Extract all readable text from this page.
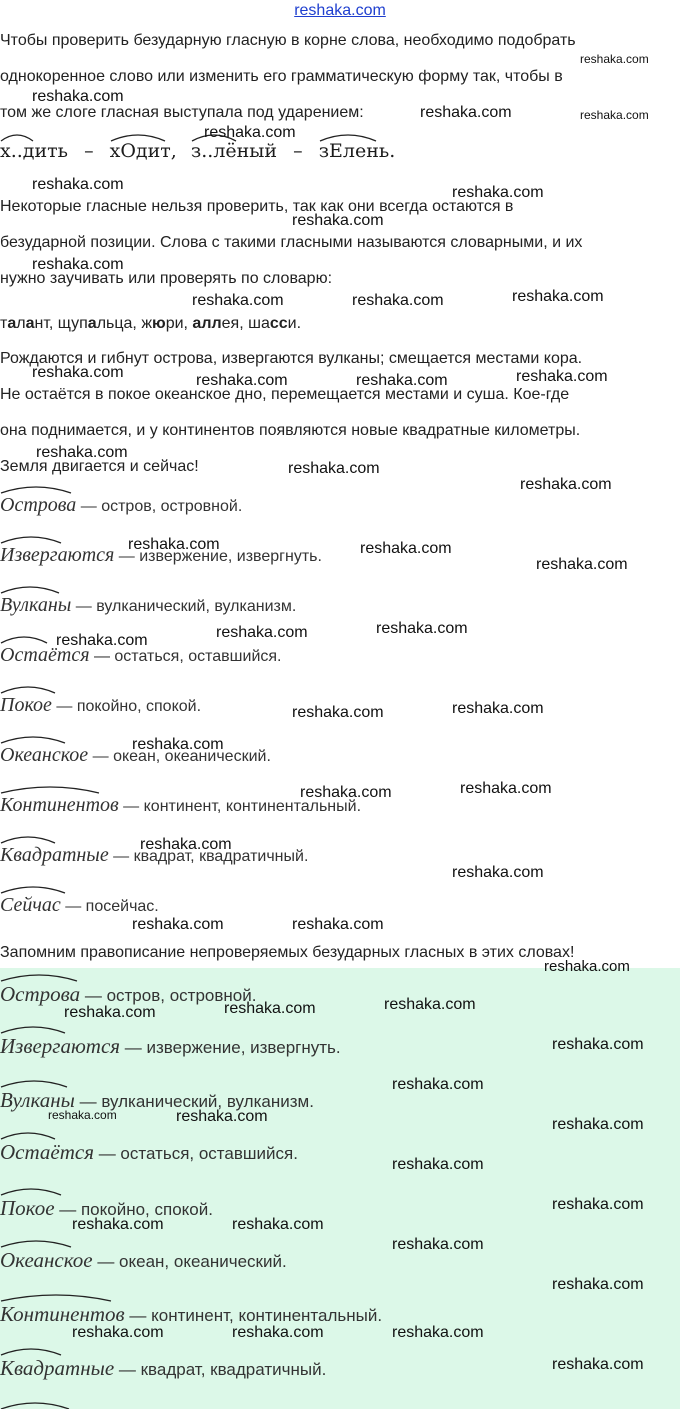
reshaka.com
Чтобы проверить безударную гласную в корне слова, необходимо подобрать
однокоренное слово или изменить его грамматическую форму так, чтобы в
том же слоге гласная выступала под ударением:
х..дить – хОдит, з..лёный – зЕлень.
Некоторые гласные нельзя проверить, так как они всегда остаются в
безударной позиции. Слова с такими гласными называются словарными, и их
нужно заучивать или проверять по словарю:
талант, щупальца, жюри, аллея, шасси.
Рождаются и гибнут острова, извергаются вулканы; смещается местами кора.
Не остаётся в покое океанское дно, перемещается местами и суша. Кое-где
она поднимается, и у континентов появляются новые квадратные километры.
Земля двигается и сейчас!
Острова — остров, островной.
Извергаются — извержение, извергнуть.
Вулканы — вулканический, вулканизм.
Остаётся — остаться, оставшийся.
Покое — покойно, спокой.
Океанское — океан, океанический.
Континентов — континент, континентальный.
Квадратные — квадрат, квадратичный.
Сейчас — посейчас.
Запомним правописание непроверяемых безударных гласных в этих словах!
Острова — остров, островной.
Извергаются — извержение, извергнуть.
Вулканы — вулканический, вулканизм.
Остаётся — остаться, оставшийся.
Покое — покойно, спокой.
Океанское — океан, океанический.
Континентов — континент, континентальный.
Квадратные — квадрат, квадратичный.
reshaka.com
reshaka.com
reshaka.com	reshaka.com
reshaka.com
reshaka.com	reshaka.com
reshaka.com
reshaka.com
reshaka.com
reshaka.com	reshaka.com
reshaka.com	reshaka.com
reshaka.com	reshaka.com
reshaka.com
reshaka.com
reshaka.com
reshaka.com	reshaka.com
reshaka.com
reshaka.com
reshaka.com
reshaka.com
reshaka.com
reshaka.com
reshaka.com
reshaka.com
reshaka.com
reshaka.com
reshaka.com
reshaka.com	reshaka.com
reshaka.com
reshaka.com
reshaka.com
reshaka.com
reshaka.com
reshaka.com
reshaka.com	reshaka.com	reshaka.com
reshaka.com
reshaka.com
reshaka.com	reshaka.com
reshaka.com
reshaka.com
reshaka.com	reshaka.com	reshaka.com
reshaka.com
